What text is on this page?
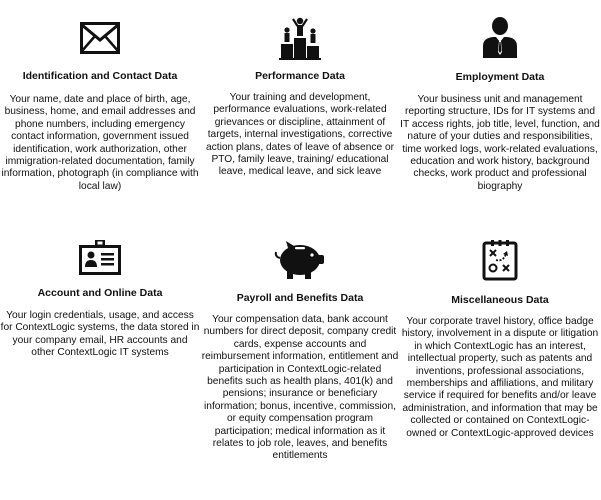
Identification and Contact Data

Your name, date and place of birth, age, business, home, and email addresses and phone numbers, including emergency contact information, government issued identification, work authorization, other immigration-related documentation, family information, photograph (in compliance with local law)

Performance Data

Your training and development, performance evaluations, work-related grievances or discipline, attainment of targets, internal investigations, corrective action plans, dates of leave of absence or PTO, family leave, training/ educational leave, medical leave, and sick leave

Employment Data

Your business unit and management reporting structure, IDs for IT systems and IT access rights, job title, level, function, and nature of your duties and responsibilities, time worked logs, work-related evaluations, education and work history, background checks, work product and professional biography

Account and Online Data

Your login credentials, usage, and access for ContextLogic systems, the data stored in your company email, HR accounts and other ContextLogic IT systems

Payroll and Benefits Data

Your compensation data, bank account numbers for direct deposit, company credit cards, expense accounts and reimbursement information, entitlement and participation in ContextLogic-related benefits such as health plans, 401(k) and pensions; insurance or beneficiary information; bonus, incentive, commission, or equity compensation program participation; medical information as it relates to job role, leaves, and benefits entitlements

Miscellaneous Data

Your corporate travel history, office badge history, involvement in a dispute or litigation in which ContextLogic has an interest, intellectual property, such as patents and inventions, professional associations, memberships and affiliations, and military service if required for benefits and/or leave administration, and information that may be collected or contained on ContextLogic-owned or ContextLogic-approved devices
